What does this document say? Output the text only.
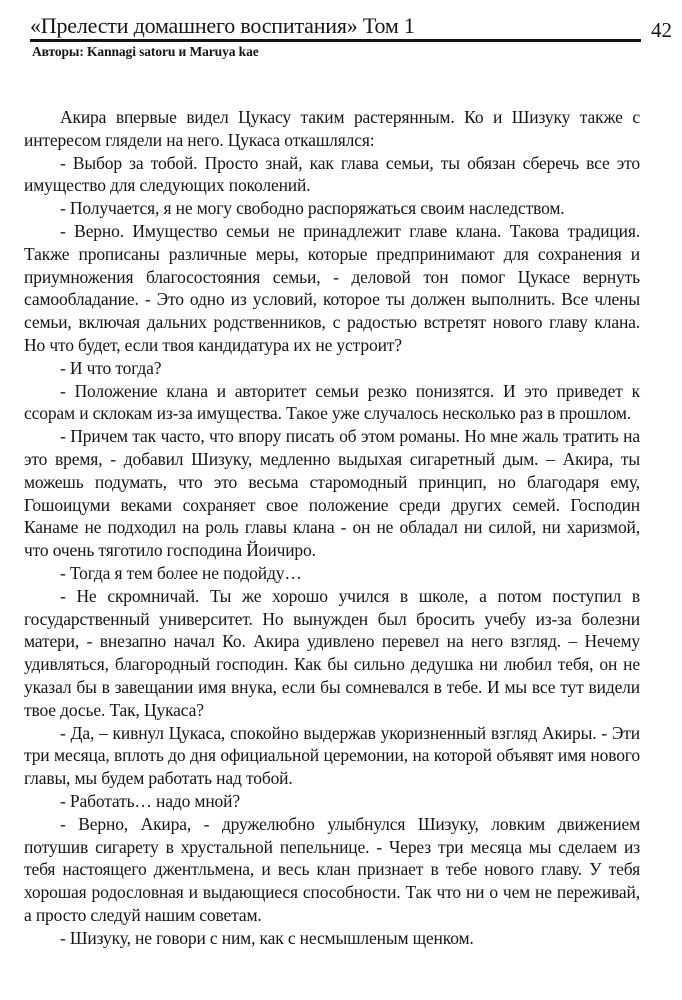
«Прелести домашнего воспитания» Том 1	42
Авторы: Kannagi satoru и Maruya kae

Акира впервые видел Цукасу таким растерянным. Ко и Шизуку также с интересом глядели на него. Цукаса откашлялся:

- Выбор за тобой. Просто знай, как глава семьи, ты обязан сберечь все это имущество для следующих поколений.

- Получается, я не могу свободно распоряжаться своим наследством.

- Верно. Имущество семьи не принадлежит главе клана. Такова традиция. Также прописаны различные меры, которые предпринимают для сохранения и приумножения благосостояния семьи, - деловой тон помог Цукасе вернуть самообладание. - Это одно из условий, которое ты должен выполнить. Все члены семьи, включая дальних родственников, с радостью встретят нового главу клана. Но что будет, если твоя кандидатура их не устроит?

- И что тогда?

- Положение клана и авторитет семьи резко понизятся. И это приведет к ссорам и склокам из-за имущества. Такое уже случалось несколько раз в прошлом.

- Причем так часто, что впору писать об этом романы. Но мне жаль тратить на это время, - добавил Шизуку, медленно выдыхая сигаретный дым. – Акира, ты можешь подумать, что это весьма старомодный принцип, но благодаря ему, Гошоицуми веками сохраняет свое положение среди других семей. Господин Канаме не подходил на роль главы клана - он не обладал ни силой, ни харизмой, что очень тяготило господина Йоичиро.

- Тогда я тем более не подойду…

- Не скромничай. Ты же хорошо учился в школе, а потом поступил в государственный университет. Но вынужден был бросить учебу из-за болезни матери, - внезапно начал Ко. Акира удивлено перевел на него взгляд. – Нечему удивляться, благородный господин. Как бы сильно дедушка ни любил тебя, он не указал бы в завещании имя внука, если бы сомневался в тебе. И мы все тут видели твое досье. Так, Цукаса?

- Да, – кивнул Цукаса, спокойно выдержав укоризненный взгляд Акиры. - Эти три месяца, вплоть до дня официальной церемонии, на которой объявят имя нового главы, мы будем работать над тобой.

- Работать… надо мной?

- Верно, Акира, - дружелюбно улыбнулся Шизуку, ловким движением потушив сигарету в хрустальной пепельнице. - Через три месяца мы сделаем из тебя настоящего джентльмена, и весь клан признает в тебе нового главу. У тебя хорошая родословная и выдающиеся способности. Так что ни о чем не переживай, а просто следуй нашим советам.

- Шизуку, не говори с ним, как с несмышленым щенком.
